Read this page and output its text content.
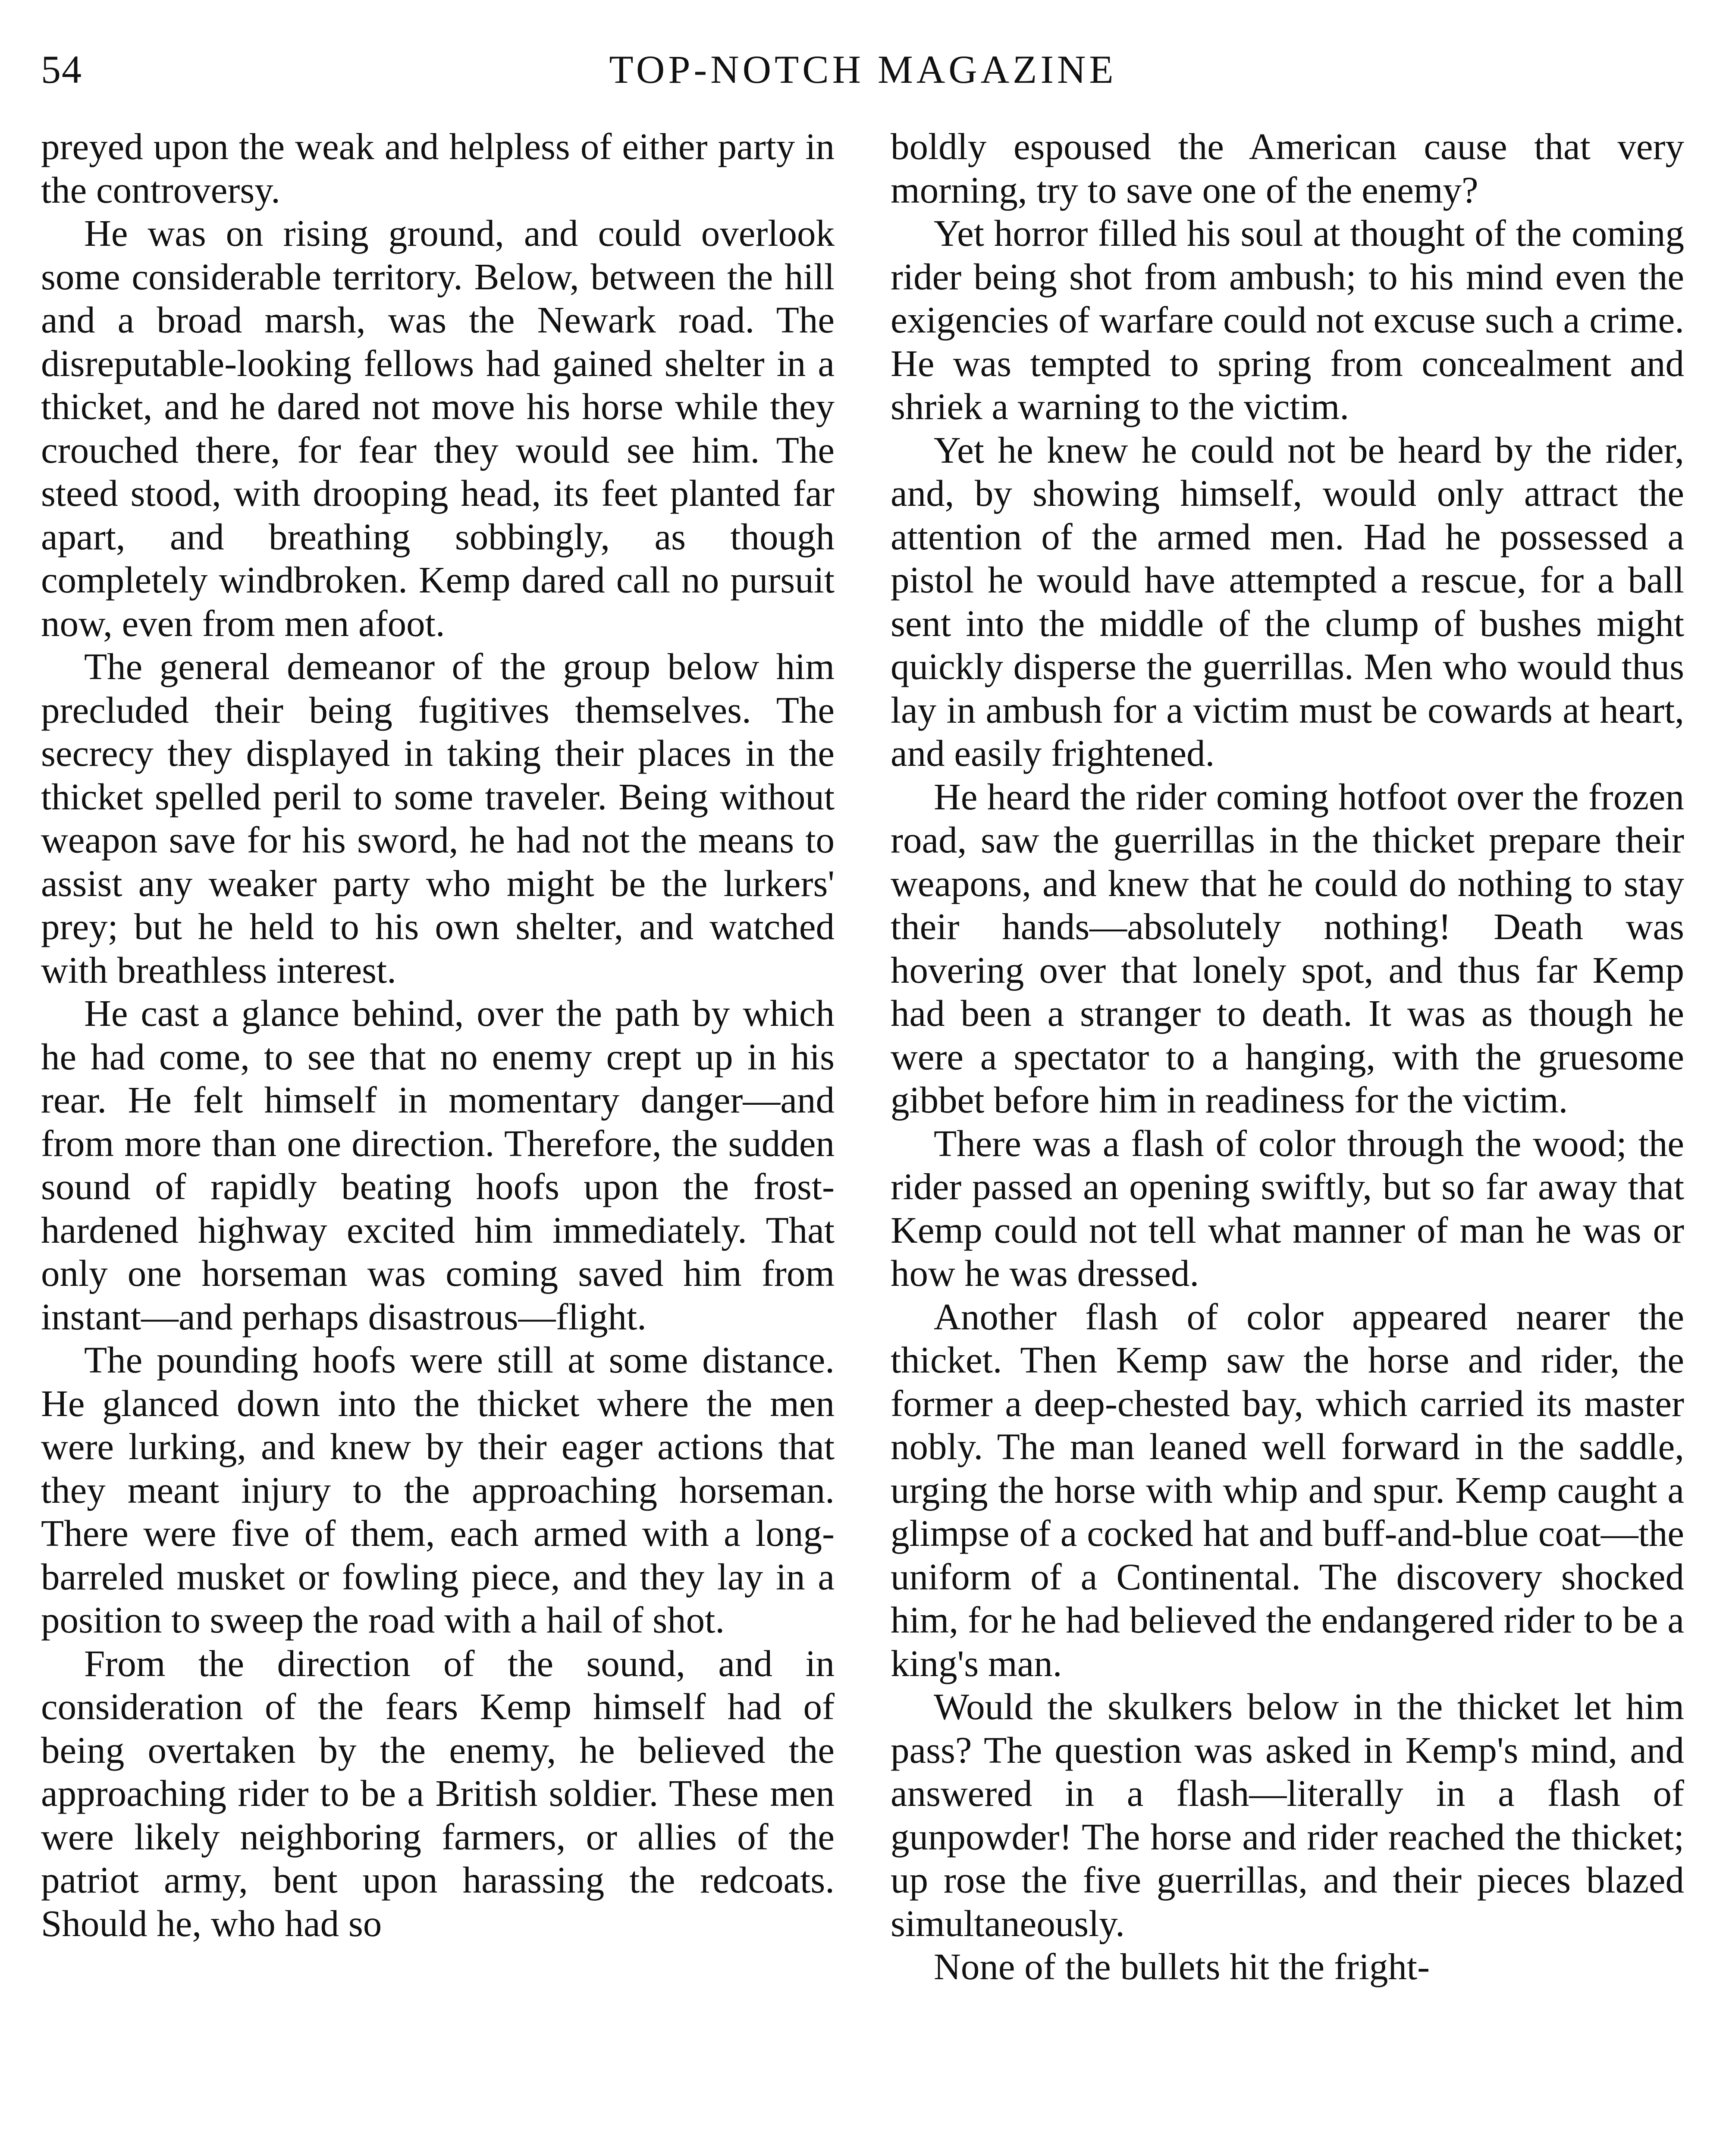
54	TOP-NOTCH MAGAZINE

preyed upon the weak and helpless of either party in the controversy.

He was on rising ground, and could overlook some considerable territory. Below, between the hill and a broad marsh, was the Newark road. The disreputable-looking fellows had gained shelter in a thicket, and he dared not move his horse while they crouched there, for fear they would see him. The steed stood, with drooping head, its feet planted far apart, and breathing sobbingly, as though completely windbroken. Kemp dared call no pursuit now, even from men afoot.

The general demeanor of the group below him precluded their being fugitives themselves. The secrecy they displayed in taking their places in the thicket spelled peril to some traveler. Being without weapon save for his sword, he had not the means to assist any weaker party who might be the lurkers' prey; but he held to his own shelter, and watched with breathless interest.

He cast a glance behind, over the path by which he had come, to see that no enemy crept up in his rear. He felt himself in momentary danger—and from more than one direction. Therefore, the sudden sound of rapidly beating hoofs upon the frost-hardened highway excited him immediately. That only one horseman was coming saved him from instant—and perhaps disastrous—flight.

The pounding hoofs were still at some distance. He glanced down into the thicket where the men were lurking, and knew by their eager actions that they meant injury to the approaching horseman. There were five of them, each armed with a long-barreled musket or fowling piece, and they lay in a position to sweep the road with a hail of shot.

From the direction of the sound, and in consideration of the fears Kemp himself had of being overtaken by the enemy, he believed the approaching rider to be a British soldier. These men were likely neighboring farmers, or allies of the patriot army, bent upon harassing the redcoats. Should he, who had so

boldly espoused the American cause that very morning, try to save one of the enemy?

Yet horror filled his soul at thought of the coming rider being shot from ambush; to his mind even the exigencies of warfare could not excuse such a crime. He was tempted to spring from concealment and shriek a warning to the victim.

Yet he knew he could not be heard by the rider, and, by showing himself, would only attract the attention of the armed men. Had he possessed a pistol he would have attempted a rescue, for a ball sent into the middle of the clump of bushes might quickly disperse the guerrillas. Men who would thus lay in ambush for a victim must be cowards at heart, and easily frightened.

He heard the rider coming hotfoot over the frozen road, saw the guerrillas in the thicket prepare their weapons, and knew that he could do nothing to stay their hands—absolutely nothing! Death was hovering over that lonely spot, and thus far Kemp had been a stranger to death. It was as though he were a spectator to a hanging, with the gruesome gibbet before him in readiness for the victim.

There was a flash of color through the wood; the rider passed an opening swiftly, but so far away that Kemp could not tell what manner of man he was or how he was dressed.

Another flash of color appeared nearer the thicket. Then Kemp saw the horse and rider, the former a deep-chested bay, which carried its master nobly. The man leaned well forward in the saddle, urging the horse with whip and spur. Kemp caught a glimpse of a cocked hat and buff-and-blue coat—the uniform of a Continental. The discovery shocked him, for he had believed the endangered rider to be a king's man.

Would the skulkers below in the thicket let him pass? The question was asked in Kemp's mind, and answered in a flash—literally in a flash of gunpowder! The horse and rider reached the thicket; up rose the five guerrillas, and their pieces blazed simultaneously.

None of the bullets hit the fright-
